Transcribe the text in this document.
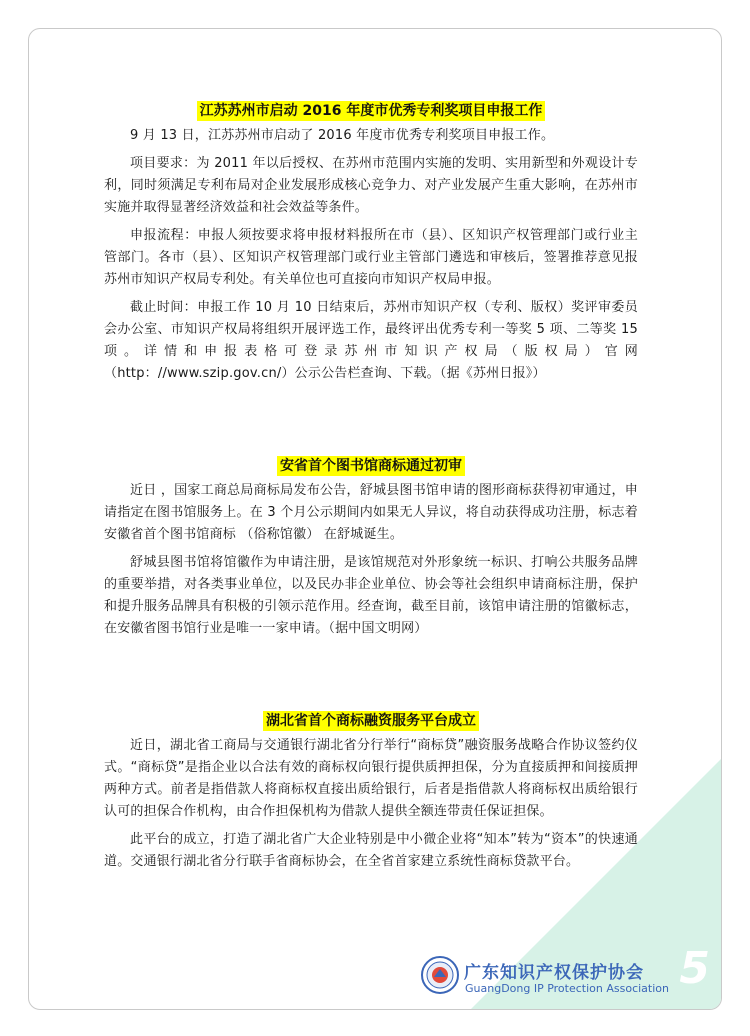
江苏苏州市启动 2016 年度市优秀专利奖项目申报工作

9 月 13 日，江苏苏州市启动了 2016 年度市优秀专利奖项目申报工作。

项目要求：为 2011 年以后授权、在苏州市范围内实施的发明、实用新型和外观设计专利，同时须满足专利布局对企业发展形成核心竞争力、对产业发展产生重大影响，在苏州市实施并取得显著经济效益和社会效益等条件。

申报流程：申报人须按要求将申报材料报所在市（县）、区知识产权管理部门或行业主管部门。各市（县）、区知识产权管理部门或行业主管部门遴选和审核后，签署推荐意见报苏州市知识产权局专利处。有关单位也可直接向市知识产权局申报。

截止时间：申报工作 10 月 10 日结束后，苏州市知识产权（专利、版权）奖评审委员会办公室、市知识产权局将组织开展评选工作，最终评出优秀专利一等奖 5 项、二等奖 15 项。详情和申报表格可登录苏州市知识产权局（版权局）官网（http：//www.szip.gov.cn/）公示公告栏查询、下载。（据《苏州日报》）

安省首个图书馆商标通过初审

近日 ，国家工商总局商标局发布公告，舒城县图书馆申请的图形商标获得初审通过，申请指定在图书馆服务上。在 3 个月公示期间内如果无人异议，将自动获得成功注册，标志着安徽省首个图书馆商标 （俗称馆徽） 在舒城诞生。

舒城县图书馆将馆徽作为申请注册，是该馆规范对外形象统一标识、打响公共服务品牌的重要举措，对各类事业单位，以及民办非企业单位、协会等社会组织申请商标注册，保护和提升服务品牌具有积极的引领示范作用。经查询，截至目前，该馆申请注册的馆徽标志，在安徽省图书馆行业是唯一一家申请。（据中国文明网）

湖北省首个商标融资服务平台成立

近日，湖北省工商局与交通银行湖北省分行举行“商标贷”融资服务战略合作协议签约仪式。“商标贷”是指企业以合法有效的商标权向银行提供质押担保，分为直接质押和间接质押两种方式。前者是指借款人将商标权直接出质给银行，后者是指借款人将商标权出质给银行认可的担保合作机构，由合作担保机构为借款人提供全额连带责任保证担保。

此平台的成立，打造了湖北省广大企业特别是中小微企业将“知本”转为“资本”的快速通道。交通银行湖北省分行联手省商标协会，在全省首家建立系统性商标贷款平台。

广东知识产权保护协会
GuangDong IP Protection Association 5
